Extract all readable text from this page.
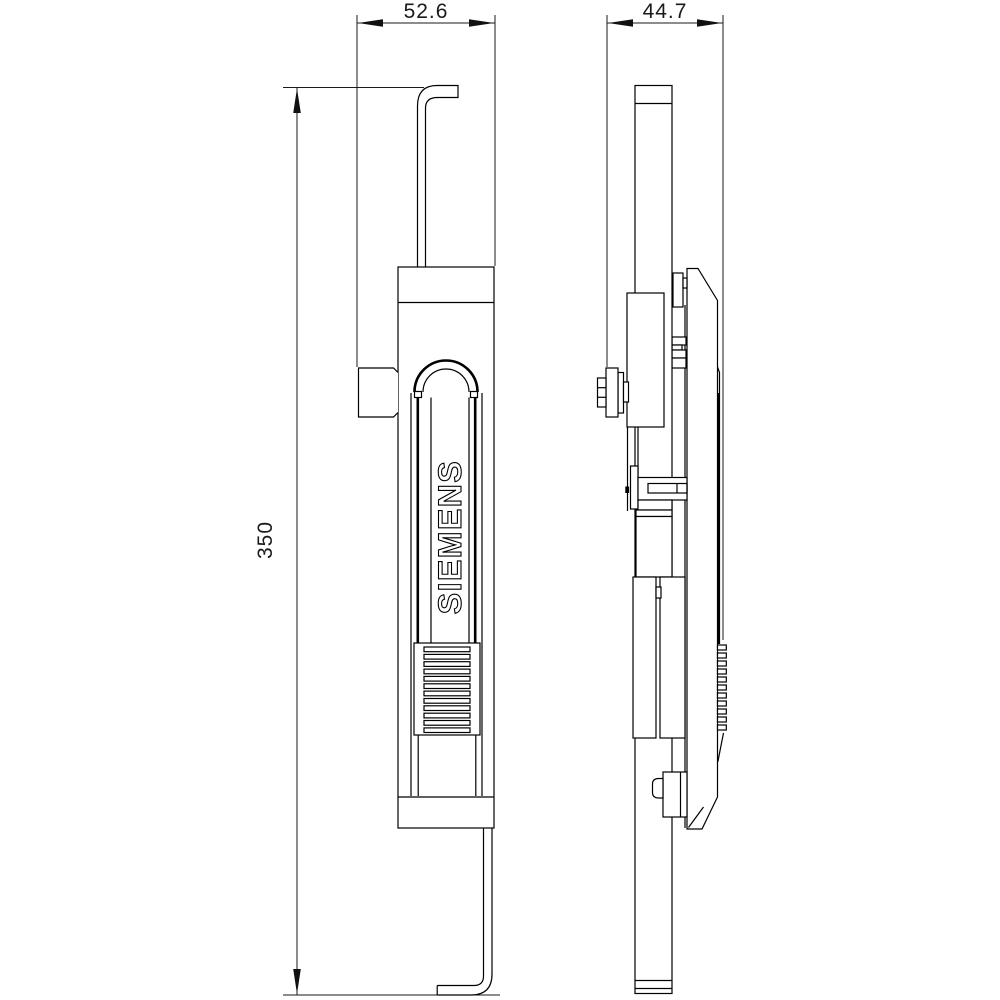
52.6
350	SIEMENS
44.7
